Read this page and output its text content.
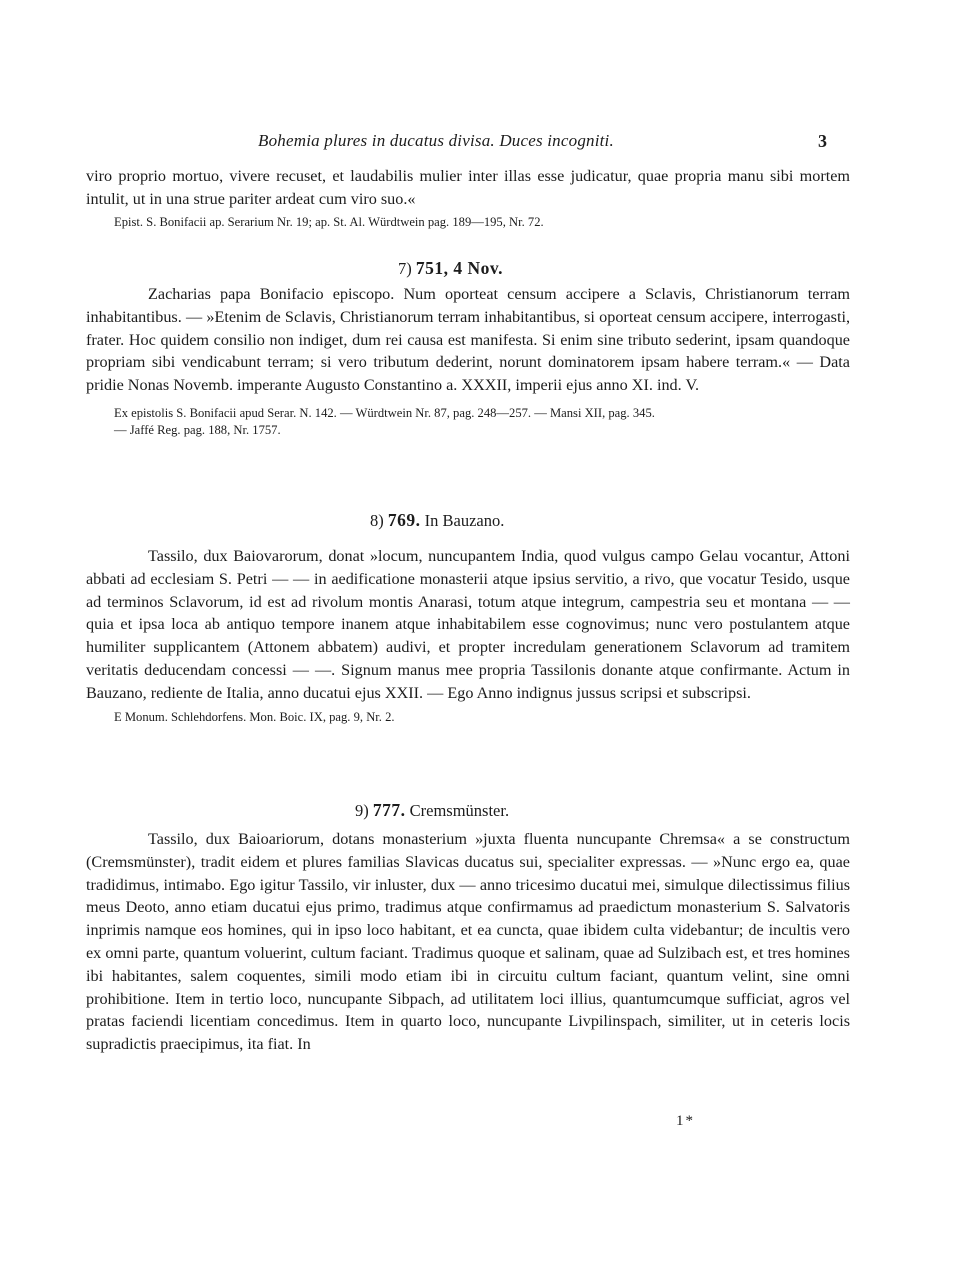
Bohemia plures in ducatus divisa. Duces incogniti.	3

viro proprio mortuo, vivere recuset, et laudabilis mulier inter illas esse judicatur, quae propria manu sibi mortem intulit, ut in una strue pariter ardeat cum viro suo.«

Epist. S. Bonifacii ap. Serarium Nr. 19; ap. St. Al. Würdtwein pag. 189—195, Nr. 72.

7) 751, 4 Nov.

Zacharias papa Bonifacio episcopo. Num oporteat censum accipere a Sclavis, Christianorum terram inhabitantibus. — »Etenim de Sclavis, Christianorum terram inhabitantibus, si oporteat censum accipere, interrogasti, frater. Hoc quidem consilio non indiget, dum rei causa est manifesta. Si enim sine tributo sederint, ipsam quandoque propriam sibi vendicabunt terram; si vero tributum dederint, norunt dominatorem ipsam habere terram.« — Data pridie Nonas Novemb. imperante Augusto Constantino a. XXXII, imperii ejus anno XI. ind. V.

Ex epistolis S. Bonifacii apud Serar. N. 142. — Würdtwein Nr. 87, pag. 248—257. — Mansi XII, pag. 345.

— Jaffé Reg. pag. 188, Nr. 1757.

8) 769. In Bauzano.

Tassilo, dux Baiovarorum, donat »locum, nuncupantem India, quod vulgus campo Gelau vocantur, Attoni abbati ad ecclesiam S. Petri — — in aedificatione monasterii atque ipsius servitio, a rivo, que vocatur Tesido, usque ad terminos Sclavorum, id est ad rivolum montis Anarasi, totum atque integrum, campestria seu et montana — — quia et ipsa loca ab antiquo tempore inanem atque inhabitabilem esse cognovimus; nunc vero postulantem atque humiliter supplicantem (Attonem abbatem) audivi, et propter incredulam generationem Sclavorum ad tramitem veritatis deducendam concessi — —. Signum manus mee propria Tassilonis donante atque confirmante. Actum in Bauzano, rediente de Italia, anno ducatui ejus XXII. — Ego Anno indignus jussus scripsi et subscripsi.

E Monum. Schlehdorfens. Mon. Boic. IX, pag. 9, Nr. 2.

9) 777. Cremsmünster.

Tassilo, dux Baioariorum, dotans monasterium »juxta fluenta nuncupante Chremsa« a se constructum (Cremsmünster), tradit eidem et plures familias Slavicas ducatus sui, specialiter expressas. — »Nunc ergo ea, quae tradidimus, intimabo. Ego igitur Tassilo, vir inluster, dux — anno tricesimo ducatui mei, simulque dilectissimus filius meus Deoto, anno etiam ducatui ejus primo, tradimus atque confirmamus ad praedictum monasterium S. Salvatoris inprimis namque eos homines, qui in ipso loco habitant, et ea cuncta, quae ibidem culta videbantur; de incultis vero ex omni parte, quantum voluerint, cultum faciant. Tradimus quoque et salinam, quae ad Sulzibach est, et tres homines ibi habitantes, salem coquentes, simili modo etiam ibi in circuitu cultum faciant, quantum velint, sine omni prohibitione. Item in tertio loco, nuncupante Sibpach, ad utilitatem loci illius, quantumcumque sufficiat, agros vel pratas faciendi licentiam concedimus. Item in quarto loco, nuncupante Livpilinspach, similiter, ut in ceteris locis supradictis praecipimus, ita fiat. In

1*
